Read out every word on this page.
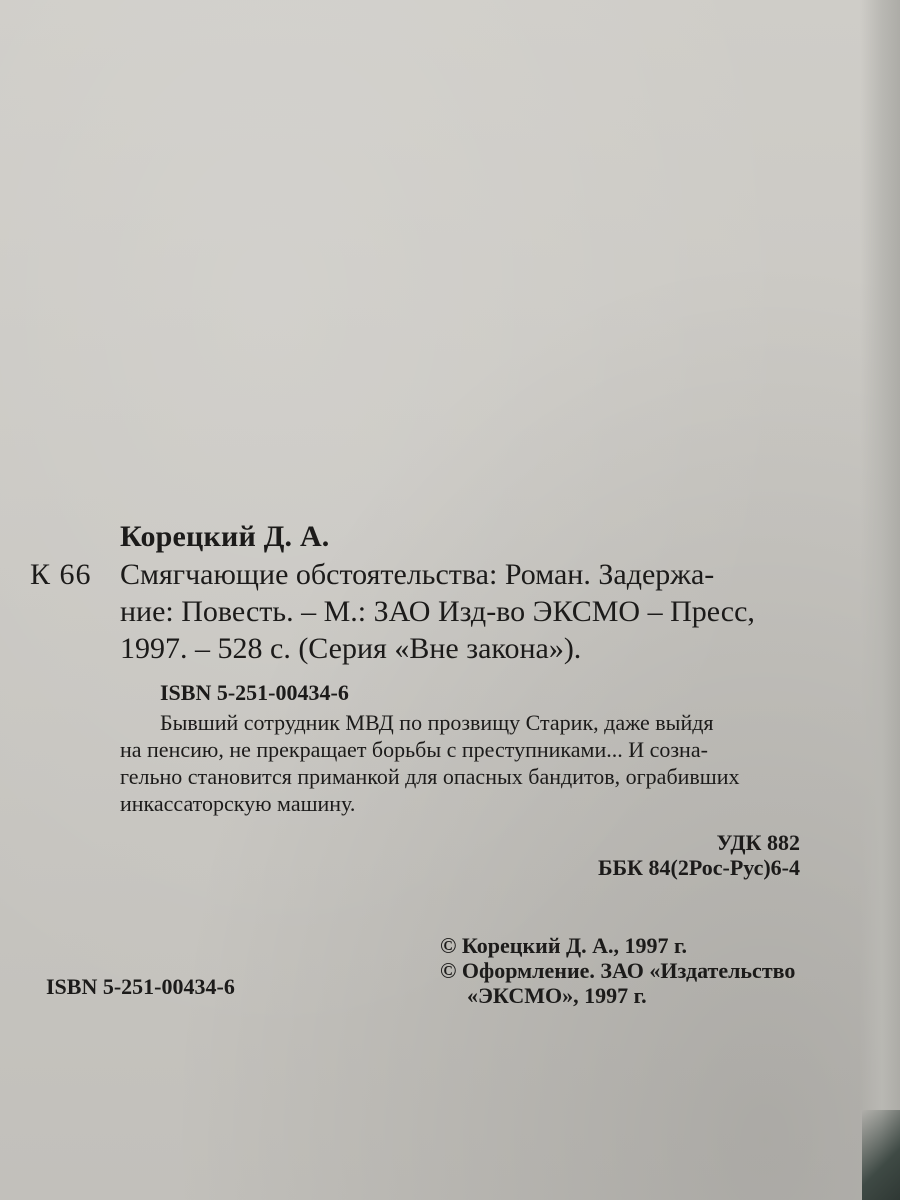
Корецкий Д. А.

К 66 Смягчающие обстоятельства: Роман. Задержа-

ние: Повесть. – М.: ЗАО Изд-во ЭКСМО – Пресс,

1997. – 528 с. (Серия «Вне закона»).

ISBN 5-251-00434-6

Бывший сотрудник МВД по прозвищу Старик, даже выйдя

на пенсию, не прекращает борьбы с преступниками... И созна-

гельно становится приманкой для опасных бандитов, ограбивших

инкассаторскую машину.

УДК 882

ББК 84(2Рос-Рус)6-4

© Корецкий Д. А., 1997 г.

© Оформление. ЗАО «Издательство

«ЭКСМО», 1997 г.

ISBN 5-251-00434-6
